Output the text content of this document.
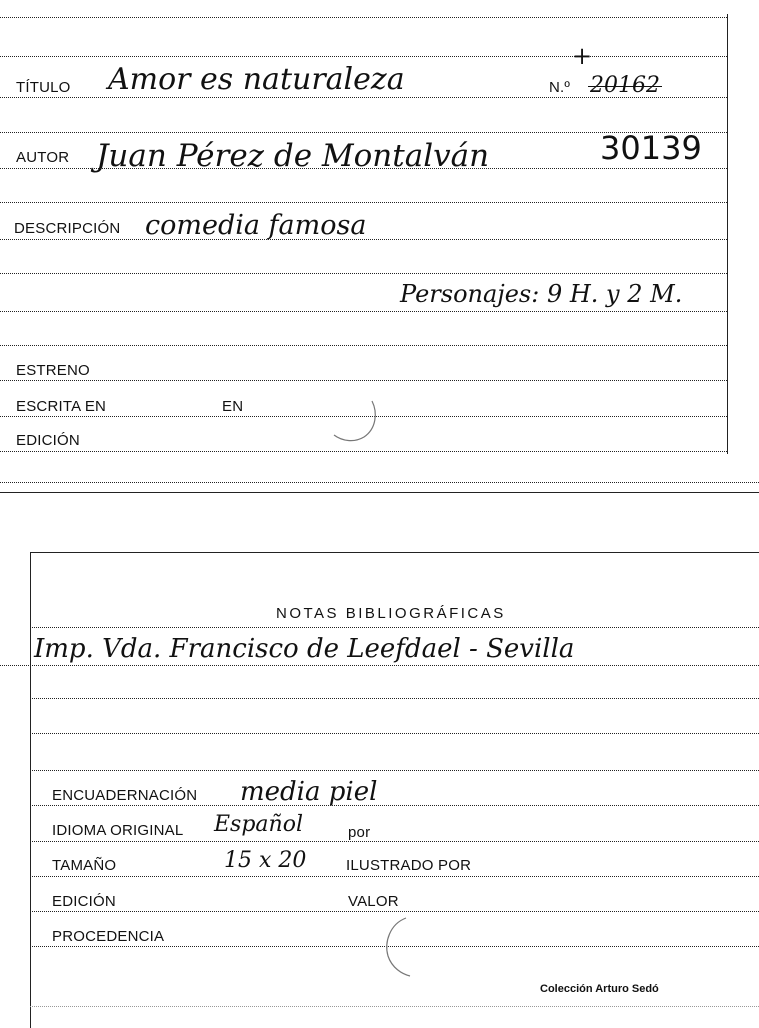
TÍTULO Amor es naturaleza	N.º 20162
+
AUTOR Juan Pérez de Montalván	30139
DESCRIPCIÓN comedia famosa
Personajes: 9 H. y 2 M.
ESTRENO
ESCRITA EN	EN
EDICIÓN
NOTAS BIBLIOGRÁFICAS
Imp. Vda. Francisco de Leefdael - Sevilla
ENCUADERNACIÓN media piel
IDIOMA ORIGINAL Español	por
TAMAÑO	15 x 20	ILUSTRADO POR
EDICIÓN	VALOR
PROCEDENCIA
Colección Arturo Sedó
